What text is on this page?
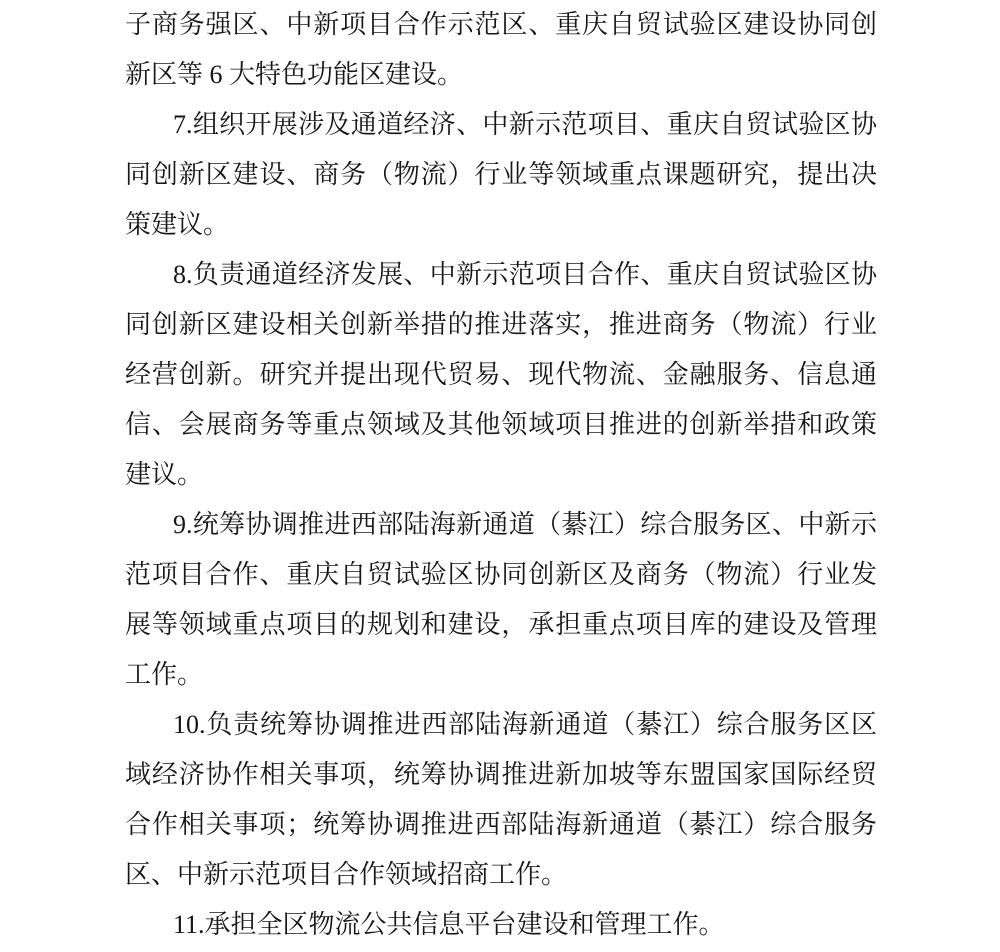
子商务强区、中新项目合作示范区、重庆自贸试验区建设协同创
新区等 6 大特色功能区建设。
7.组织开展涉及通道经济、中新示范项目、重庆自贸试验区协
同创新区建设、商务（物流）行业等领域重点课题研究，提出决
策建议。
8.负责通道经济发展、中新示范项目合作、重庆自贸试验区协
同创新区建设相关创新举措的推进落实，推进商务（物流）行业
经营创新。研究并提出现代贸易、现代物流、金融服务、信息通
信、会展商务等重点领域及其他领域项目推进的创新举措和政策
建议。
9.统筹协调推进西部陆海新通道（綦江）综合服务区、中新示
范项目合作、重庆自贸试验区协同创新区及商务（物流）行业发
展等领域重点项目的规划和建设，承担重点项目库的建设及管理
工作。
10.负责统筹协调推进西部陆海新通道（綦江）综合服务区区
域经济协作相关事项，统筹协调推进新加坡等东盟国家国际经贸
合作相关事项；统筹协调推进西部陆海新通道（綦江）综合服务
区、中新示范项目合作领域招商工作。
11.承担全区物流公共信息平台建设和管理工作。
